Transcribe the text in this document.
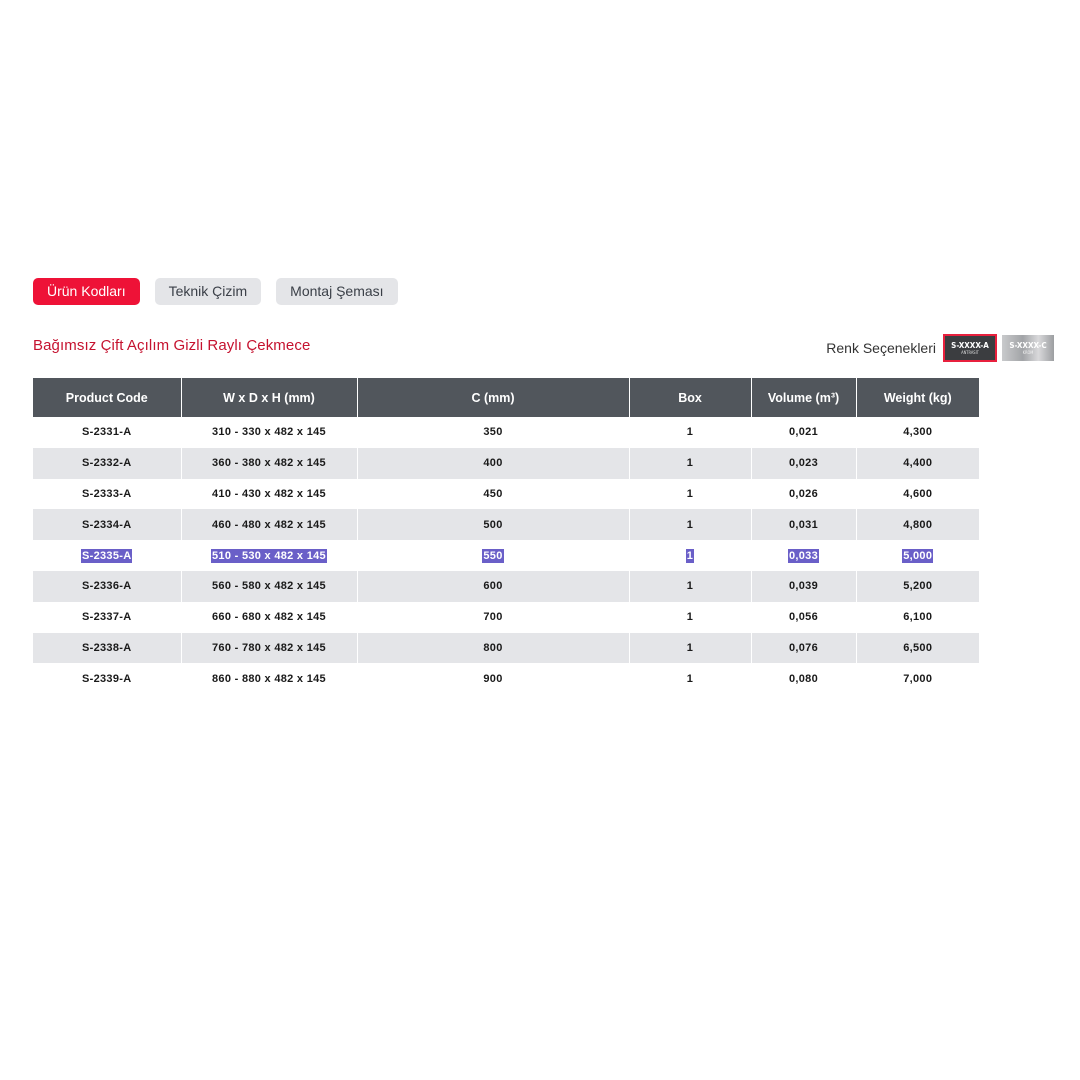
Ürün Kodları	Teknik Çizim	Montaj Şeması
Bağımsız Çift Açılım Gizli Raylı Çekmece	Renk Seçenekleri S-XXXX-A
ANTRASIT
S-XXXX-C
KROM
Product Code	W x D x H (mm)	C (mm)	Box	Volume (m³)	Weight (kg)
S-2331-A	310 - 330 x 482 x 145	350	1	0,021	4,300
S-2332-A	360 - 380 x 482 x 145	400	1	0,023	4,400
S-2333-A	410 - 430 x 482 x 145	450	1	0,026	4,600
S-2334-A	460 - 480 x 482 x 145	500	1	0,031	4,800
S-2335-A	510 - 530 x 482 x 145	550	1	0,033	5,000
S-2336-A	560 - 580 x 482 x 145	600	1	0,039	5,200
S-2337-A	660 - 680 x 482 x 145	700	1	0,056	6,100
S-2338-A	760 - 780 x 482 x 145	800	1	0,076	6,500
S-2339-A	860 - 880 x 482 x 145	900	1	0,080	7,000
